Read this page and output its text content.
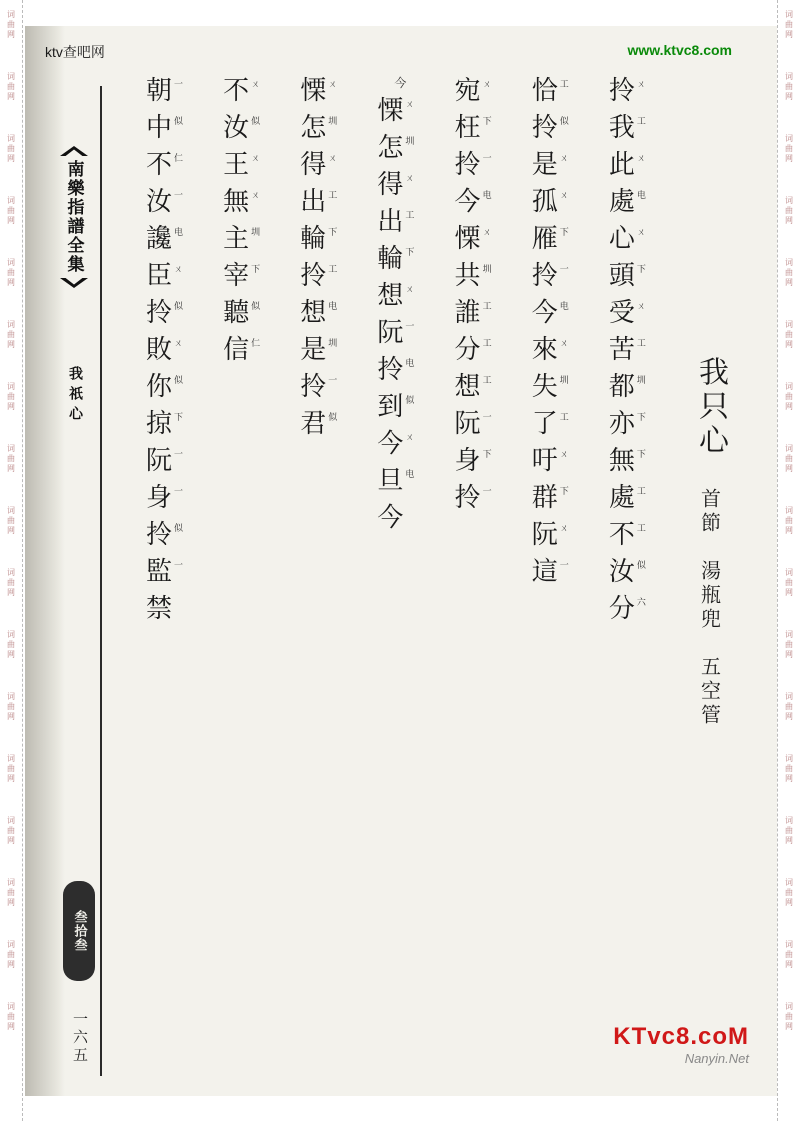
词
曲
网
词
曲
网
词
曲
网
词
曲
网
词
曲
网
词
曲
网
词
曲
网
词
曲
网
词
曲
网
词
曲
网
词
曲
网
词
曲
网
词
曲
网
词
曲
网
词
曲
网
词
曲
网
词
曲
网
词
曲
网
词
曲
网
词
曲
网
词
曲
网
词
曲
网
词
曲
网
词
曲
网
词
曲
网
词
曲
网
词
曲
网
词
曲
网
词
曲
网
词
曲
网
词
曲
网
词
曲
网
词
曲
网
词
曲
网
ktv查吧网	www.ktvc8.com
南樂指譜全集
我祇心
叁拾叁
一六五
我只心
首節
湯瓶兜
五空管
拎 ㄨ
我 工
此 ㄨ
處 电
心 ㄨ
頭 下
受 ㄨ
苦 工
都 圳
亦 下
無 下
處 工
不 工
汝 似
分 六
恰 工
拎 似
是 ㄨ
孤 ㄨ
雁 下
拎 一
今 电
來 ㄨ
失 圳
了 工
吁 ㄨ
群 下
阮 ㄨ
這 一
宛 ㄨ
枉 下
拎 一
今 电
慄 ㄨ
共 圳
誰 工
分 工
想 工
阮 一
身 下
拎 一
今
慄 ㄨ
怎 圳
得 ㄨ
出 工
輪 下
想 ㄨ
阮 一
拎 电
到 似
今 ㄨ
旦 电
今
慄 ㄨ
怎 圳
得 ㄨ
出 工
輪 下
拎 工
想 电
是 圳
拎 一
君 似
不 ㄨ
汝 似
王 ㄨ
無 ㄨ
主 圳
宰 下
聽 似
信 仁
朝 一
中 似
不 仁
汝 一
讒 电
臣 ㄨ
拎 似
敗 ㄨ
你 似
掠 下
阮 一
身 一
拎 似
監 一
禁
KTvc8.coM
Nanyin.Net
